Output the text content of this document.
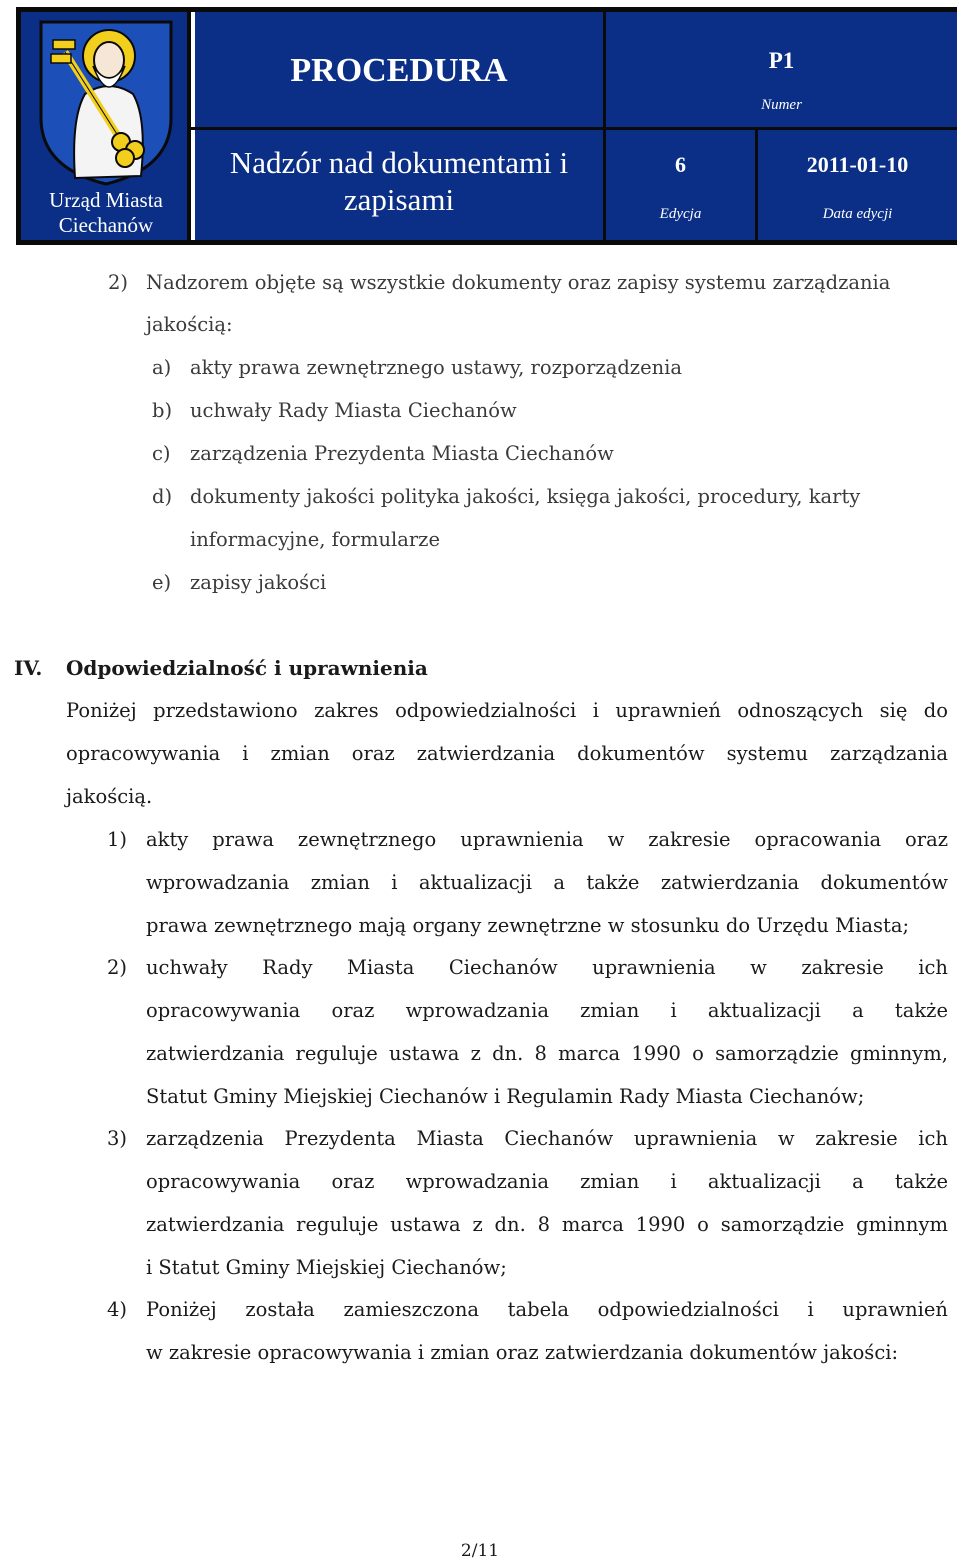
Urząd Miasta
Ciechanów
PROCEDURA
Nadzór nad dokumentami i
zapisami
P1
Numer
6
Edycja
2011-01-10
Data edycji
2) Nadzorem objęte są wszystkie dokumenty oraz zapisy systemu zarządzania
jakością:
a) akty prawa zewnętrznego ustawy, rozporządzenia
b) uchwały Rady Miasta Ciechanów
c) zarządzenia Prezydenta Miasta Ciechanów
d) dokumenty jakości polityka jakości, księga jakości, procedury, karty
informacyjne, formularze
e) zapisy jakości
IV. Odpowiedzialność i uprawnienia
Poniżej przedstawiono zakres odpowiedzialności i uprawnień odnoszących się do
opracowywania i zmian oraz zatwierdzania dokumentów systemu zarządzania
jakością.
1) akty prawa zewnętrznego uprawnienia w zakresie opracowania oraz
wprowadzania zmian i aktualizacji a także zatwierdzania dokumentów
prawa zewnętrznego mają organy zewnętrzne w stosunku do Urzędu Miasta;
2) uchwały Rady Miasta Ciechanów uprawnienia w zakresie ich
opracowywania oraz wprowadzania zmian i aktualizacji a także
zatwierdzania reguluje ustawa z dn. 8 marca 1990 o samorządzie gminnym,
Statut Gminy Miejskiej Ciechanów i Regulamin Rady Miasta Ciechanów;
3) zarządzenia Prezydenta Miasta Ciechanów uprawnienia w zakresie ich
opracowywania oraz wprowadzania zmian i aktualizacji a także
zatwierdzania reguluje ustawa z dn. 8 marca 1990 o samorządzie gminnym
i Statut Gminy Miejskiej Ciechanów;
4) Poniżej została zamieszczona tabela odpowiedzialności i uprawnień
w zakresie opracowywania i zmian oraz zatwierdzania dokumentów jakości:
2/11
